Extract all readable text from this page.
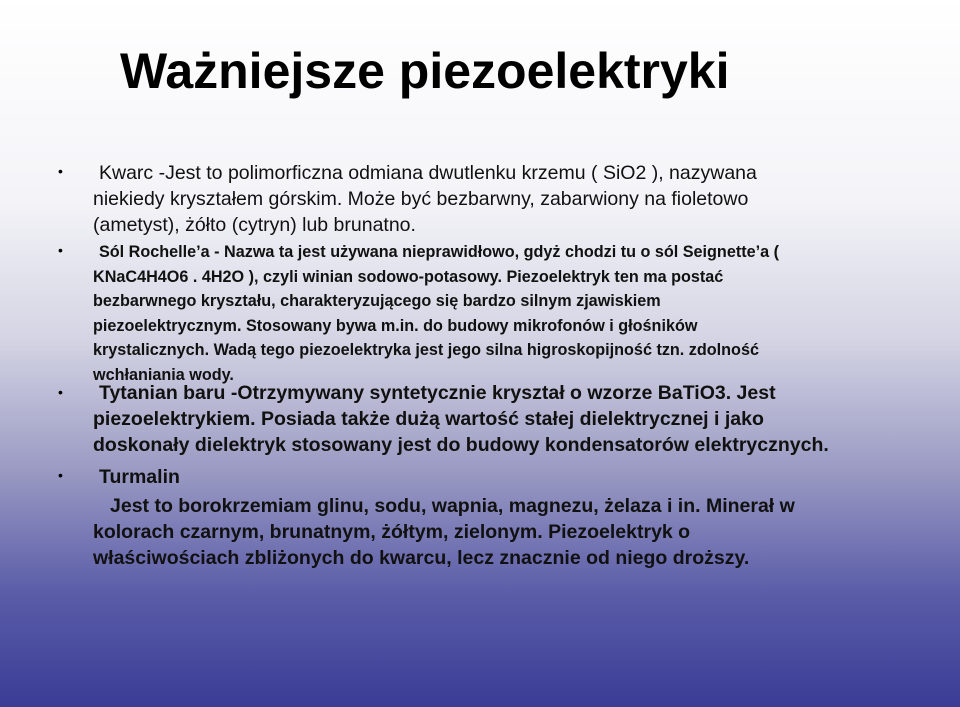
Ważniejsze piezoelektryki
•	Kwarc -Jest to polimorficzna odmiana dwutlenku krzemu ( SiO2 ), nazywana
niekiedy kryształem górskim. Może być bezbarwny, zabarwiony na fioletowo
(ametyst), żółto (cytryn) lub brunatno.
•	Sól Rochelle’a - Nazwa ta jest używana nieprawidłowo, gdyż chodzi tu o sól Seignette’a (
KNaC4H4O6 . 4H2O ), czyli winian sodowo-potasowy. Piezoelektryk ten ma postać
bezbarwnego kryształu, charakteryzującego się bardzo silnym zjawiskiem
piezoelektrycznym. Stosowany bywa m.in. do budowy mikrofonów i głośników
krystalicznych. Wadą tego piezoelektryka jest jego silna higroskopijność tzn. zdolność
wchłaniania wody.
•	Tytanian baru -Otrzymywany syntetycznie kryształ o wzorze BaTiO3. Jest
piezoelektrykiem. Posiada także dużą wartość stałej dielektrycznej i jako
doskonały dielektryk stosowany jest do budowy kondensatorów elektrycznych.
• Turmalin
Jest to borokrzemiam glinu, sodu, wapnia, magnezu, żelaza i in. Minerał w
kolorach czarnym, brunatnym, żółtym, zielonym. Piezoelektryk o
właściwościach zbliżonych do kwarcu, lecz znacznie od niego droższy.
